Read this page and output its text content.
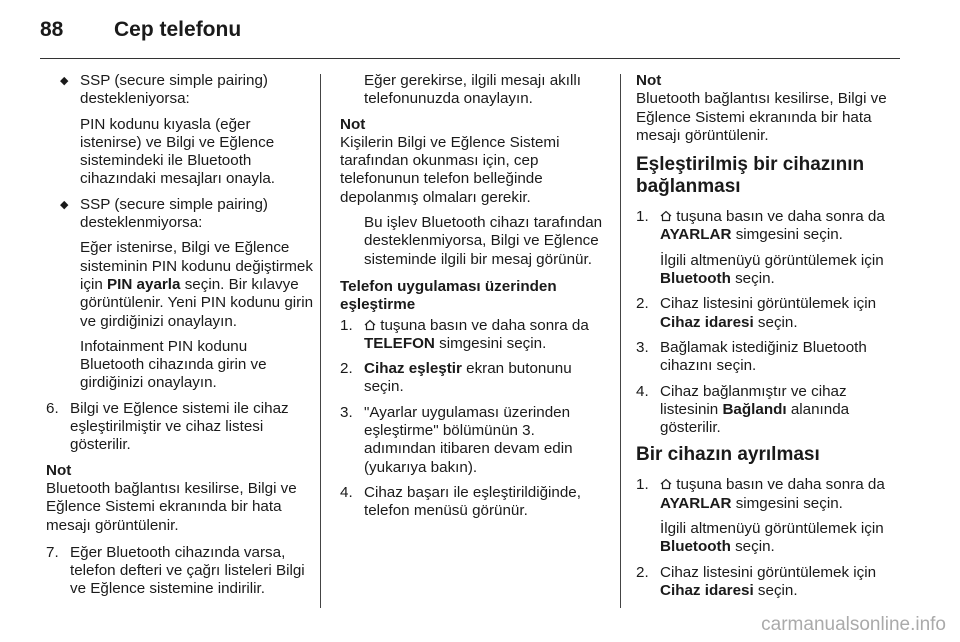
88 Cep telefonu
◆ SSP (secure simple pairing) destekleniyorsa:

PIN kodunu kıyasla (eğer istenirse) ve Bilgi ve Eğlence sistemindeki ile Bluetooth cihazındaki mesajları onayla.

◆ SSP (secure simple pairing) desteklenmiyorsa:

Eğer istenirse, Bilgi ve Eğlence sisteminin PIN kodunu değiştirmek için PIN ayarla seçin. Bir kılavye görüntülenir. Yeni PIN kodunu girin ve girdiğinizi onaylayın.

Infotainment PIN kodunu Bluetooth cihazında girin ve girdiğinizi onaylayın.

6. Bilgi ve Eğlence sistemi ile cihaz eşleştirilmiştir ve cihaz listesi gösterilir.

Not

Bluetooth bağlantısı kesilirse, Bilgi ve Eğlence Sistemi ekranında bir hata mesajı görüntülenir.

7. Eğer Bluetooth cihazında varsa, telefon defteri ve çağrı listeleri Bilgi ve Eğlence sistemine indirilir.

Eğer gerekirse, ilgili mesajı akıllı telefonunuzda onaylayın.

Not

Kişilerin Bilgi ve Eğlence Sistemi tarafından okunması için, cep telefonunun telefon belleğinde depolanmış olmaları gerekir.

Bu işlev Bluetooth cihazı tarafından desteklenmiyorsa, Bilgi ve Eğlence sisteminde ilgili bir mesaj görünür.

Telefon uygulaması üzerinden eşleştirme

1.	tuşuna basın ve daha sonra da TELEFON simgesini seçin.

2. Cihaz eşleştir ekran butonunu seçin.

3. "Ayarlar uygulaması üzerinden eşleştirme" bölümünün 3. adımından itibaren devam edin (yukarıya bakın).

4. Cihaz başarı ile eşleştirildiğinde, telefon menüsü görünür.

Not

Bluetooth bağlantısı kesilirse, Bilgi ve Eğlence Sistemi ekranında bir hata mesajı görüntülenir.

Eşleştirilmiş bir cihazının bağlanması

1.	tuşuna basın ve daha sonra da AYARLAR simgesini seçin.

İlgili altmenüyü görüntülemek için Bluetooth seçin.

2. Cihaz listesini görüntülemek için Cihaz idaresi seçin.

3. Bağlamak istediğiniz Bluetooth cihazını seçin.

4. Cihaz bağlanmıştır ve cihaz listesinin Bağlandı alanında gösterilir.

Bir cihazın ayrılması

1.	tuşuna basın ve daha sonra da AYARLAR simgesini seçin.

İlgili altmenüyü görüntülemek için Bluetooth seçin.

2. Cihaz listesini görüntülemek için Cihaz idaresi seçin.

carmanualsonline.info
